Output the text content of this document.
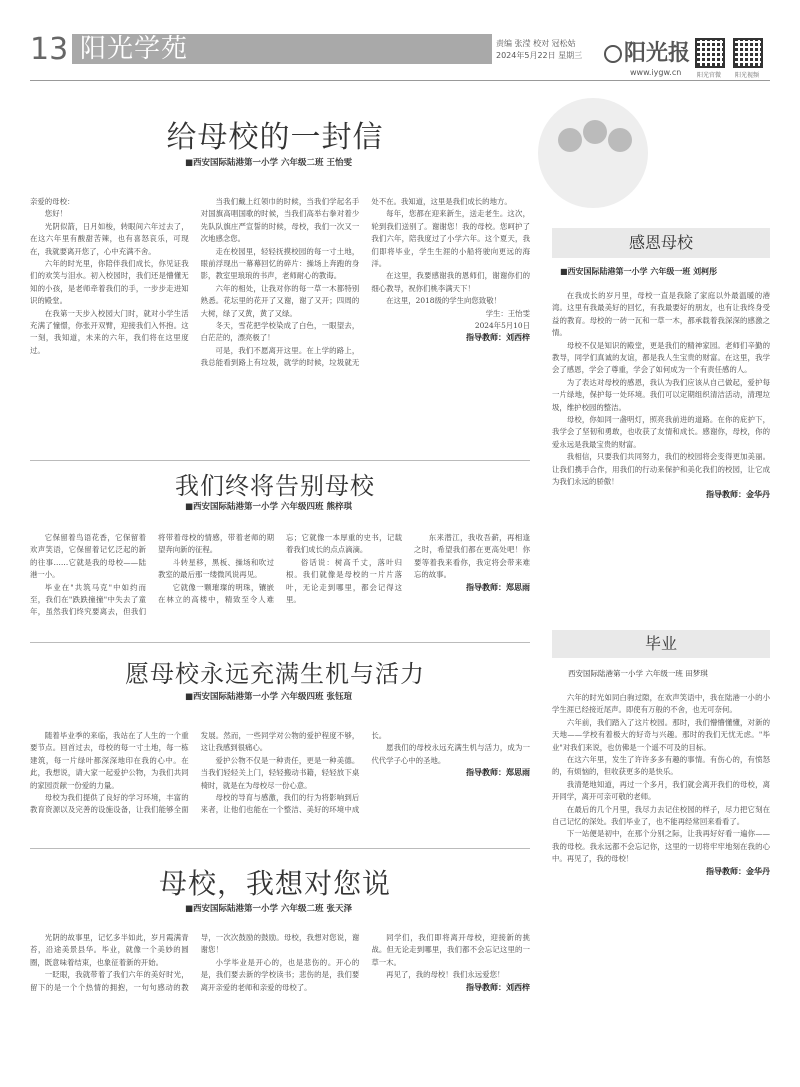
13 阳光学苑	责编 张滢 校对 冠松姑
2024年5月22日 星期三	阳光报
www.iygw.cn	阳光官微 阳光视频
给母校的一封信
■西安国际陆港第一小学 六年级二班 王怡雯

亲爱的母校：

您好！

光阴似箭，日月如梭，转眼间六年过去了，在这六年里有酸甜苦辣，也有喜怒哀乐，可现在，我就要离开您了，心中充满不舍。

六年的时光里，你陪伴我们成长，你见证我们的欢笑与泪水。初入校园时，我们还是懵懂无知的小孩，是老师牵着我们的手，一步步走进知识的殿堂。

在我第一天步入校园大门时，就对小学生活充满了憧憬，你张开双臂，迎接我们入怀抱。这一刻，我知道，未来的六年，我们将在这里度过。

当我们戴上红领巾的时候，当我们学起名手对国旗高唱国歌的时候，当我们高举右拳对着少先队队旗庄严宣誓的时候，母校，我们一次又一次地感念您。

走在校园里，轻轻抚摸校园的每一寸土地，眼前浮现出一幕幕回忆的碎片：操场上奔跑的身影，教室里琅琅的书声，老师耐心的教诲。

六年的相处，让我对你的每一草一木都特别熟悉。花坛里的花开了又谢，谢了又开；四周的大树，绿了又黄，黄了又绿。

冬天，雪花把学校染成了白色，一眼望去，白茫茫的，漂亮极了！

可是，我们不愿离开这里。在上学的路上，我总能看到路上有垃圾，就学的时候，垃圾就无处不在。我知道，这里是我们成长的地方。

每年，您都在迎来新生，送走老生。这次，轮到我们送别了。谢谢您！我的母校。您呵护了我们六年，陪我度过了小学六年。这个夏天，我们即将毕业，学生生涯的小船将驶向更远的海洋。

在这里，我要感谢我的恩师们，谢谢你们的细心教导，祝你们桃李满天下！

在这里，2018级的学生向您致敬！

学生：王怡雯

2024年5月10日

指导教师：刘西梓

感恩母校
■西安国际陆港第一小学 六年级一班 刘柯彤

在我成长的岁月里，母校一直是我除了家庭以外最温暖的港湾。这里有我最美好的回忆，有我最要好的朋友，也有让我终身受益的教育。母校的一砖一瓦和一草一木，都承载着我深深的感激之情。

母校不仅是知识的殿堂，更是我们的精神家园。老师们辛勤的教导，同学们真诚的友谊，都是我人生宝贵的财富。在这里，我学会了感恩，学会了尊重，学会了如何成为一个有责任感的人。

为了表达对母校的感恩，我认为我们应该从自己做起，爱护每一片绿地，保护每一处环境。我们可以定期组织清洁活动，清理垃圾，维护校园的整洁。

母校，你如同一盏明灯，照亮我前进的道路。在你的庇护下，我学会了坚韧和勇敢，也收获了友情和成长。感谢你，母校，你的爱永远是我最宝贵的财富。

我相信，只要我们共同努力，我们的校园将会变得更加美丽。让我们携手合作，用我们的行动来保护和美化我们的校园，让它成为我们永远的骄傲！

指导教师：金华丹

我们终将告别母校
■西安国际陆港第一小学 六年级四班 熊梓琪

它保留着鸟语花香，它保留着欢声笑语，它保留着记忆泛起的新的往事……它就是我的母校——陆港一小。

毕业在"共筑马克"中如约而至，我们在"跌跌撞撞"中失去了童年，虽然我们终究要离去，但我们将带着母校的情感，带着老师的期望奔向新的征程。

斗转星移，黑板、操场和吹过教室的最后那一缕微风说再见。

它就像一颗璀璨的明珠，镶嵌在林立的高楼中，精致至令人难忘；它就像一本厚重的史书，记载着我们成长的点点滴滴。

俗话说：树高千丈，落叶归根。我们就像是母校的一片片落叶，无论走到哪里，都会记得这里。

东来潜江，我收吾薪，再相逢之时，希望我们都在更高处吧！你要等着我来看你，我定将会带来难忘的故事。

指导教师：郑思雨

毕业
西安国际陆港第一小学 六年级一班 田梦琪

六年的时光如同白驹过隙，在欢声笑语中，我在陆港一小的小学生涯已经接近尾声。即使有万般的不舍，也无可奈何。

六年前，我们踏入了这片校园。那时，我们懵懵懂懂，对新的天地——学校有着极大的好奇与兴趣。那时的我们无忧无虑。"毕业"对我们来说，也仿佛是一个遥不可及的目标。

在这六年里，发生了许许多多有趣的事情。有伤心的，有愤怒的，有烦恼的，但收获更多的是快乐。

我清楚地知道，再过一个多月，我们就会离开我们的母校，离开同学，离开可亲可敬的老师。

在最后的几个月里，我尽力去记住校园的样子，尽力把它刻在自己记忆的深处。我们毕业了，也不能再经常回来看看了。

下一站便是初中，在那个分别之际，让我再好好看一遍你——我的母校。我永远都不会忘记你，这里的一切将牢牢地刻在我的心中。再见了，我的母校！

指导教师：金华丹

愿母校永远充满生机与活力
■西安国际陆港第一小学 六年级四班 张钰瑄

随着毕业季的来临，我站在了人生的一个重要节点。回首过去，母校的每一寸土地，每一栋建筑，每一片绿叶都深深地印在我的心中。在此，我想说，请大家一起爱护公物，为我们共同的家园贡献一份爱的力量。

母校为我们提供了良好的学习环境，丰富的教育资源以及完善的设施设备，让我们能够全面发展。然而，一些同学对公物的爱护程度不够，这让我感到很痛心。

爱护公物不仅是一种责任，更是一种美德。当我们轻轻关上门，轻轻搬动书籍，轻轻放下桌椅时，就是在为母校尽一份心意。

母校的导育与感激，我们的行为将影响到后来者，让他们也能在一个整洁、美好的环境中成长。

愿我们的母校永远充满生机与活力，成为一代代学子心中的圣地。

指导教师：郑思雨

母校，我想对您说
■西安国际陆港第一小学 六年级二班 张天泽

光阴的故事里，记忆多半如此，岁月霞满青苔，沿途美景县华。毕业，就像一个美妙的圆圈，既意味着结束，也象征着新的开始。

一眨眼，我就带着了我们六年的美好时光，留下的是一个个热情的拥抱，一句句感动的教导，一次次鼓励的鼓励。母校，我想对您说，谢谢您！

小学毕业是开心的，也是悲伤的。开心的是，我们要去新的学校读书；悲伤的是，我们要离开亲爱的老师和亲爱的母校了。

同学们，我们即将离开母校，迎接新的挑战。但无论走到哪里，我们都不会忘记这里的一草一木。

再见了，我的母校！我们永远爱您！

指导教师：刘西梓
